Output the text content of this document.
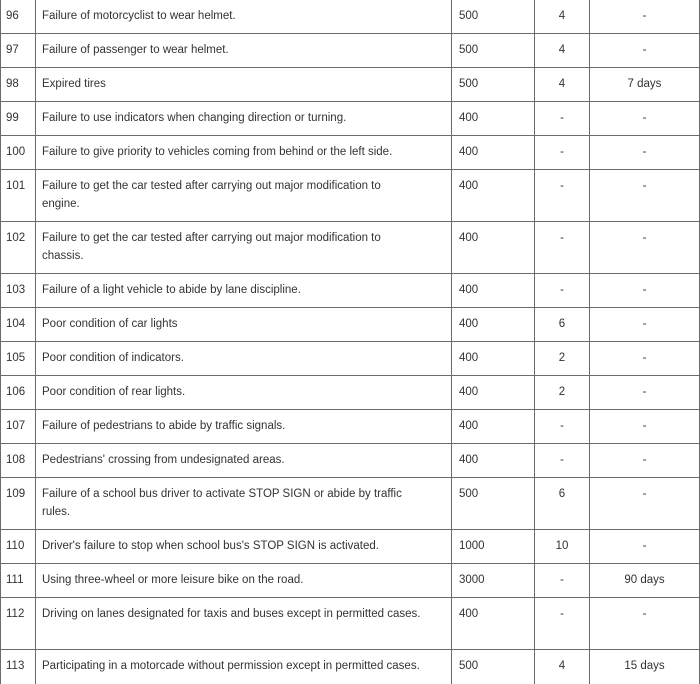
96	Failure of motorcyclist to wear helmet.	500	4	-
97	Failure of passenger to wear helmet.	500	4	-
98	Expired tires	500	4	7 days
99	Failure to use indicators when changing direction or turning.	400	-	-
100	Failure to give priority to vehicles coming from behind or the left side.	400	-	-
101	Failure to get the car tested after carrying out major modification to engine.	400	-	-
102	Failure to get the car tested after carrying out major modification to chassis.	400	-	-
103	Failure of a light vehicle to abide by lane discipline.	400	-	-
104	Poor condition of car lights	400	6	-
105	Poor condition of indicators.	400	2	-
106	Poor condition of rear lights.	400	2	-
107	Failure of pedestrians to abide by traffic signals.	400	-	-
108	Pedestrians' crossing from undesignated areas.	400	-	-
109	Failure of a school bus driver to activate STOP SIGN or abide by traffic rules.	500	6	-
110	Driver's failure to stop when school bus's STOP SIGN is activated.	1000	10	-
111	Using three-wheel or more leisure bike on the road.	3000	-	90 days
112	Driving on lanes designated for taxis and buses except in permitted cases.	400	-	-
113	Participating in a motorcade without permission except in permitted cases.	500	4	15 days
